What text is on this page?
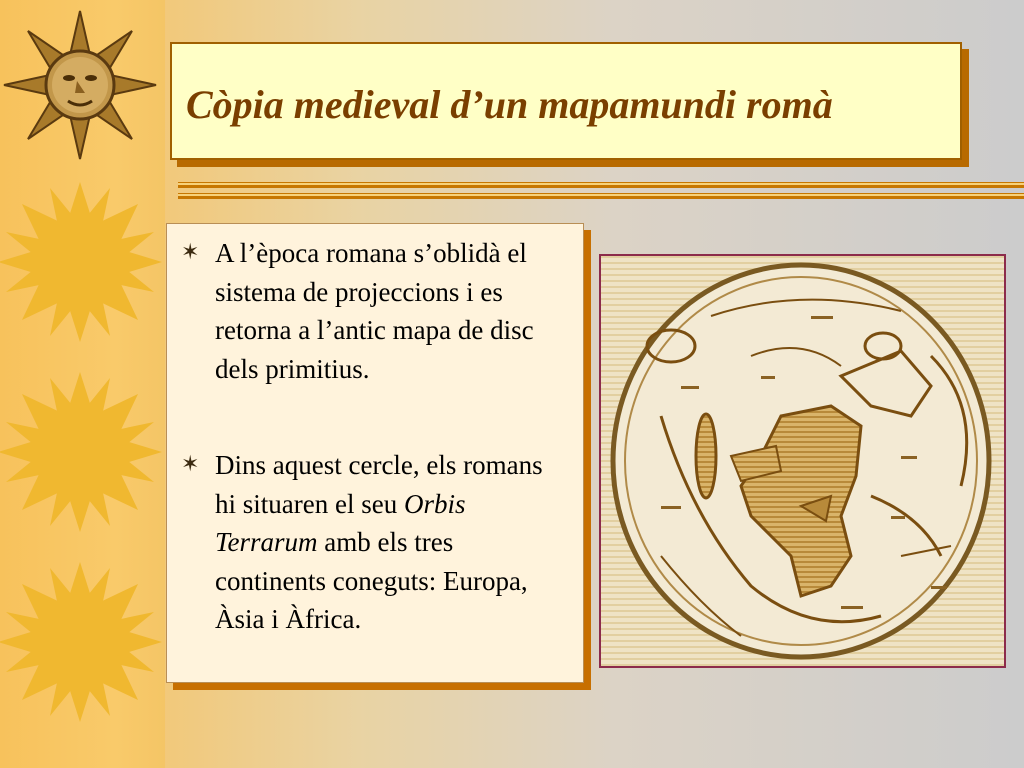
Còpia medieval d’un mapamundi romà
✶ A l’època romana s’oblidà el sistema de projeccions i es retorna a l’antic mapa de disc dels primitius.
✶ Dins aquest cercle, els romans hi situaren el seu Orbis Terrarum amb els tres continents coneguts: Europa, Àsia i Àfrica.
